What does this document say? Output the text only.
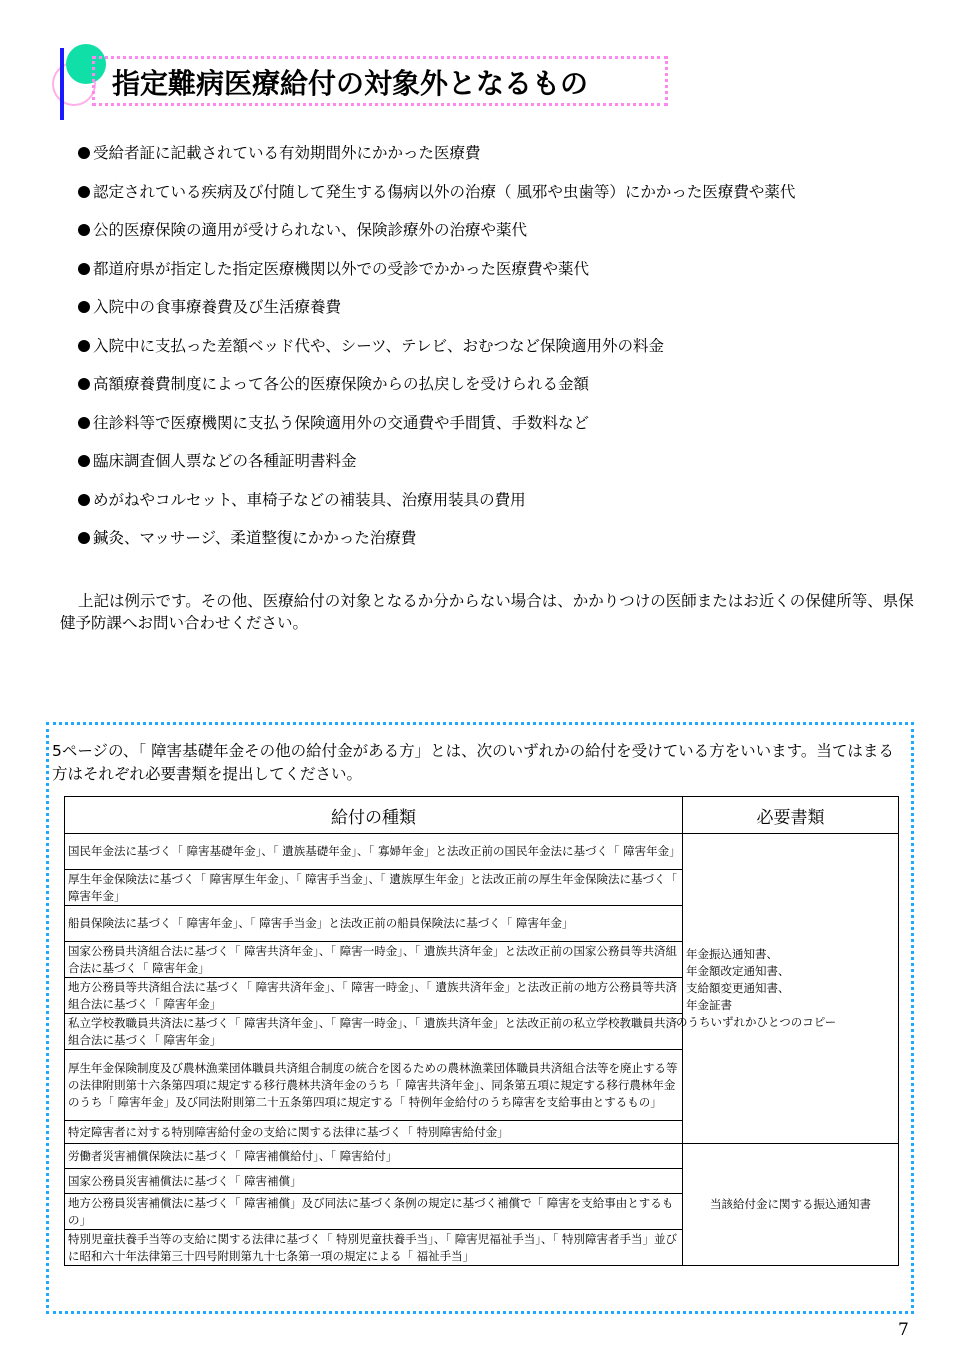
指定難病医療給付の対象外となるもの
受給者証に記載されている有効期間外にかかった医療費
認定されている疾病及び付随して発生する傷病以外の治療（ 風邪や虫歯等）にかかった医療費や薬代
公的医療保険の適用が受けられない、保険診療外の治療や薬代
都道府県が指定した指定医療機関以外での受診でかかった医療費や薬代
入院中の食事療養費及び生活療養費
入院中に支払った差額ベッド代や、シーツ、テレビ、おむつなど保険適用外の料金
高額療養費制度によって各公的医療保険からの払戻しを受けられる金額
往診料等で医療機関に支払う保険適用外の交通費や手間賃、手数料など
臨床調査個人票などの各種証明書料金
めがねやコルセット、車椅子などの補装具、治療用装具の費用
鍼灸、マッサージ、柔道整復にかかった治療費
上記は例示です。その他、医療給付の対象となるか分からない場合は、かかりつけの医師またはお近くの保健所等、県保健予防課へお問い合わせください。
5ページの、「 障害基礎年金その他の給付金がある方」とは、次のいずれかの給付を受けている方をいいます。当てはまる方はそれぞれ必要書類を提出してください。
給付の種類	必要書類
国民年金法に基づく「 障害基礎年金」、「 遺族基礎年金」、「 寡婦年金」と法改正前の国民年金法に基づく「 障害年金」	年金振込通知書、
年金額改定通知書、
支給額変更通知書、
年金証書
のうちいずれかひとつのコピー

厚生年金保険法に基づく「 障害厚生年金」、「 障害手当金」、「 遺族厚生年金」と法改正前の厚生年金保険法に基づく「 障害年金」	
船員保険法に基づく「 障害年金」、「 障害手当金」と法改正前の船員保険法に基づく「 障害年金」	
国家公務員共済組合法に基づく「 障害共済年金」、「 障害一時金」、「 遺族共済年金」と法改正前の国家公務員等共済組合法に基づく「 障害年金」	
地方公務員等共済組合法に基づく「 障害共済年金」、「 障害一時金」、「 遺族共済年金」と法改正前の地方公務員等共済組合法に基づく「 障害年金」	
私立学校教職員共済法に基づく「 障害共済年金」、「 障害一時金」、「 遺族共済年金」と法改正前の私立学校教職員共済組合法に基づく「 障害年金」	
厚生年金保険制度及び農林漁業団体職員共済組合制度の統合を図るための農林漁業団体職員共済組合法等を廃止する等の法律附則第十六条第四項に規定する移行農林共済年金のうち「 障害共済年金」、同条第五項に規定する移行農林年金のうち「 障害年金」及び同法附則第二十五条第四項に規定する「 特例年金給付のうち障害を支給事由とするもの」	
特定障害者に対する特別障害給付金の支給に関する法律に基づく「 特別障害給付金」	
労働者災害補償保険法に基づく「 障害補償給付」、「 障害給付」	当該給付金に関する振込通知書
国家公務員災害補償法に基づく「 障害補償」	
地方公務員災害補償法に基づく「 障害補償」及び同法に基づく条例の規定に基づく補償で「 障害を支給事由とするもの」	
特別児童扶養手当等の支給に関する法律に基づく「 特別児童扶養手当」、「 障害児福祉手当」、「 特別障害者手当」並びに昭和六十年法律第三十四号附則第九十七条第一項の規定による「 福祉手当」	
7
